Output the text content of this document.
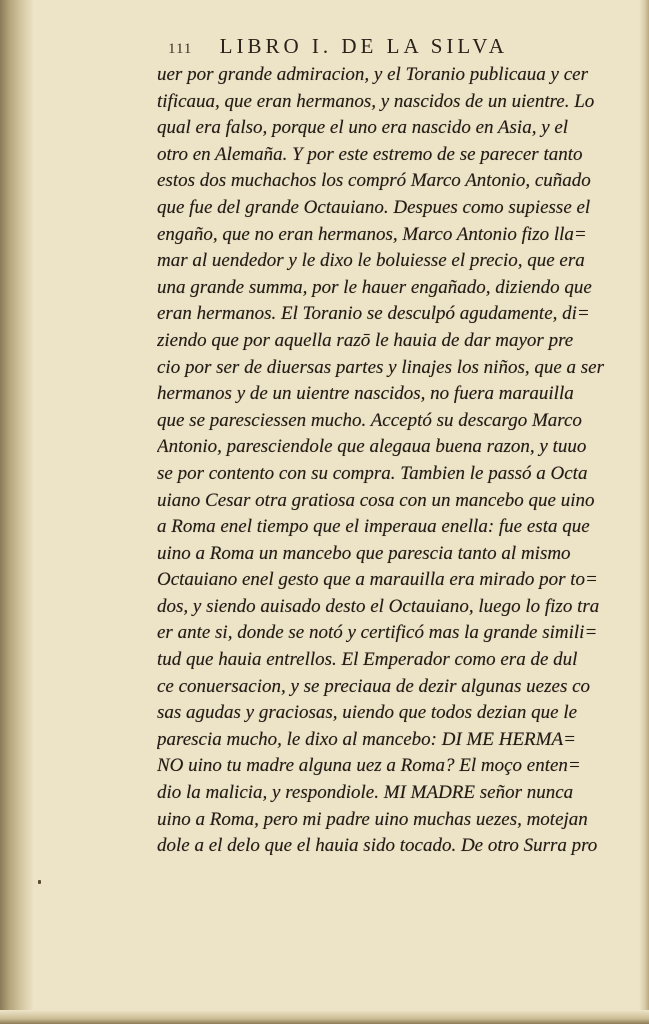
111 LIBRO I. DE LA SILVA
uer por grande admiracion, y el Toranio publicaua y cer
tificaua, que eran hermanos, y nascidos de un uientre. Lo
qual era falso, porque el uno era nascido en Asia, y el
otro en Alemaña. Y por este estremo de se parecer tanto
estos dos muchachos los compró Marco Antonio, cuñado
que fue del grande Octauiano. Despues como supiesse el
engaño, que no eran hermanos, Marco Antonio fizo lla=
mar al uendedor y le dixo le boluiesse el precio, que era
una grande summa, por le hauer engañado, diziendo que
eran hermanos. El Toranio se desculpó agudamente, di=
ziendo que por aquella razō le hauia de dar mayor pre
cio por ser de diuersas partes y linajes los niños, que a ser
hermanos y de un uientre nascidos, no fuera marauilla
que se paresciessen mucho. Acceptó su descargo Marco
Antonio, paresciendole que alegaua buena razon, y tuuo
se por contento con su compra. Tambien le passó a Octa
uiano Cesar otra gratiosa cosa con un mancebo que uino
a Roma enel tiempo que el imperaua enella: fue esta que
uino a Roma un mancebo que parescia tanto al mismo
Octauiano enel gesto que a marauilla era mirado por to=
dos, y siendo auisado desto el Octauiano, luego lo fizo tra
er ante si, donde se notó y certificó mas la grande simili=
tud que hauia entrellos. El Emperador como era de dul
ce conuersacion, y se preciaua de dezir algunas uezes co
sas agudas y graciosas, uiendo que todos dezian que le
parescia mucho, le dixo al mancebo: DI ME HERMA=
NO uino tu madre alguna uez a Roma? El moço enten=
dio la malicia, y respondiole. MI MADRE señor nunca
uino a Roma, pero mi padre uino muchas uezes, motejan
dole a el delo que el hauia sido tocado. De otro Surra pro
